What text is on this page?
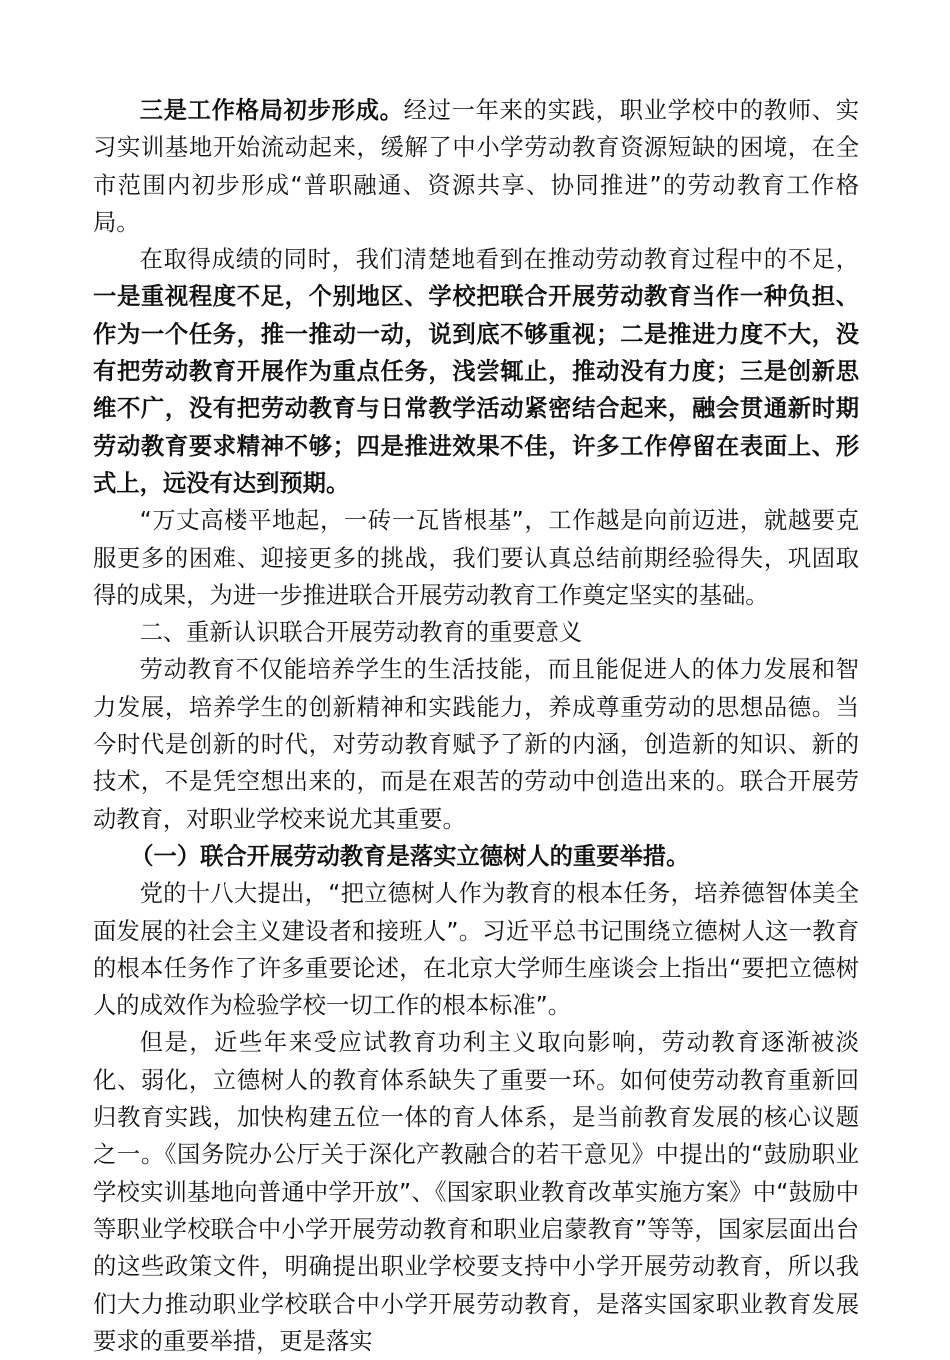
三是工作格局初步形成。经过一年来的实践，职业学校中的教师、实习实训基地开始流动起来，缓解了中小学劳动教育资源短缺的困境，在全市范围内初步形成“普职融通、资源共享、协同推进”的劳动教育工作格局。

在取得成绩的同时，我们清楚地看到在推动劳动教育过程中的不足，一是重视程度不足，个别地区、学校把联合开展劳动教育当作一种负担、作为一个任务，推一推动一动，说到底不够重视；二是推进力度不大，没有把劳动教育开展作为重点任务，浅尝辄止，推动没有力度；三是创新思维不广，没有把劳动教育与日常教学活动紧密结合起来，融会贯通新时期劳动教育要求精神不够；四是推进效果不佳，许多工作停留在表面上、形式上，远没有达到预期。

“万丈高楼平地起，一砖一瓦皆根基”，工作越是向前迈进，就越要克服更多的困难、迎接更多的挑战，我们要认真总结前期经验得失，巩固取得的成果，为进一步推进联合开展劳动教育工作奠定坚实的基础。

二、重新认识联合开展劳动教育的重要意义

劳动教育不仅能培养学生的生活技能，而且能促进人的体力发展和智力发展，培养学生的创新精神和实践能力，养成尊重劳动的思想品德。当今时代是创新的时代，对劳动教育赋予了新的内涵，创造新的知识、新的技术，不是凭空想出来的，而是在艰苦的劳动中创造出来的。联合开展劳动教育，对职业学校来说尤其重要。

（一）联合开展劳动教育是落实立德树人的重要举措。

党的十八大提出，“把立德树人作为教育的根本任务，培养德智体美全面发展的社会主义建设者和接班人”。习近平总书记围绕立德树人这一教育的根本任务作了许多重要论述，在北京大学师生座谈会上指出“要把立德树人的成效作为检验学校一切工作的根本标准”。

但是，近些年来受应试教育功利主义取向影响，劳动教育逐渐被淡化、弱化，立德树人的教育体系缺失了重要一环。如何使劳动教育重新回归教育实践，加快构建五位一体的育人体系，是当前教育发展的核心议题之一。《国务院办公厅关于深化产教融合的若干意见》中提出的“鼓励职业学校实训基地向普通中学开放”、《国家职业教育改革实施方案》中“鼓励中等职业学校联合中小学开展劳动教育和职业启蒙教育”等等，国家层面出台的这些政策文件，明确提出职业学校要支持中小学开展劳动教育，所以我们大力推动职业学校联合中小学开展劳动教育，是落实国家职业教育发展要求的重要举措，更是落实
